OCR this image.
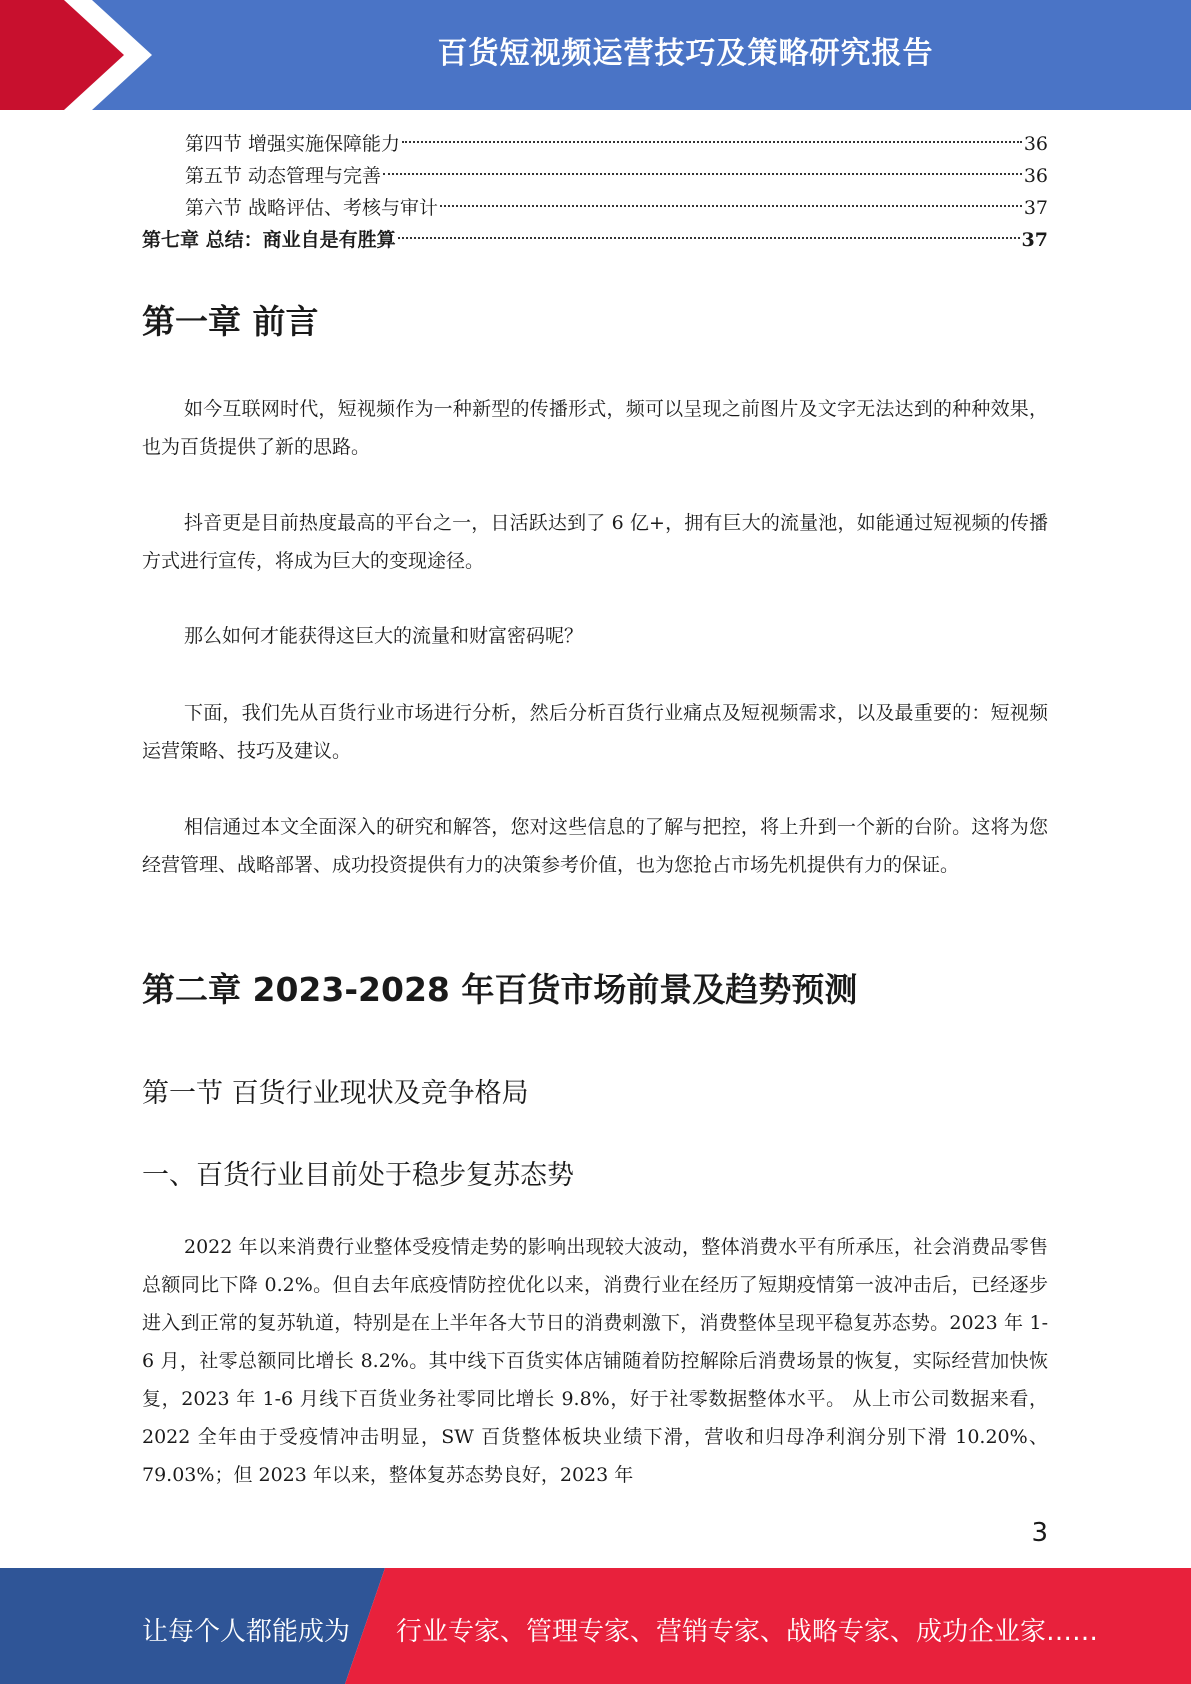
百货短视频运营技巧及策略研究报告
第四节 增强实施保障能力	36
第五节 动态管理与完善	36
第六节 战略评估、考核与审计	37
第七章 总结：商业自是有胜算	37
第一章 前言

如今互联网时代，短视频作为一种新型的传播形式，频可以呈现之前图片及文字无法达到的种种效果，也为百货提供了新的思路。

抖音更是目前热度最高的平台之一，日活跃达到了 6 亿+，拥有巨大的流量池，如能通过短视频的传播方式进行宣传，将成为巨大的变现途径。

那么如何才能获得这巨大的流量和财富密码呢？

下面，我们先从百货行业市场进行分析，然后分析百货行业痛点及短视频需求，以及最重要的：短视频运营策略、技巧及建议。

相信通过本文全面深入的研究和解答，您对这些信息的了解与把控，将上升到一个新的台阶。这将为您经营管理、战略部署、成功投资提供有力的决策参考价值，也为您抢占市场先机提供有力的保证。

第二章 2023-2028 年百货市场前景及趋势预测
第一节 百货行业现状及竞争格局
一、百货行业目前处于稳步复苏态势

2022 年以来消费行业整体受疫情走势的影响出现较大波动，整体消费水平有所承压，社会消费品零售总额同比下降 0.2%。但自去年底疫情防控优化以来，消费行业在经历了短期疫情第一波冲击后，已经逐步进入到正常的复苏轨道，特别是在上半年各大节日的消费刺激下，消费整体呈现平稳复苏态势。2023 年 1-6 月，社零总额同比增长 8.2%。其中线下百货实体店铺随着防控解除后消费场景的恢复，实际经营加快恢复，2023 年 1-6 月线下百货业务社零同比增长 9.8%，好于社零数据整体水平。 从上市公司数据来看，2022 全年由于受疫情冲击明显，SW 百货整体板块业绩下滑，营收和归母净利润分别下滑 10.20%、79.03%；但 2023 年以来，整体复苏态势良好，2023 年

3
让每个人都能成为 行业专家、管理专家、营销专家、战略专家、成功企业家……
